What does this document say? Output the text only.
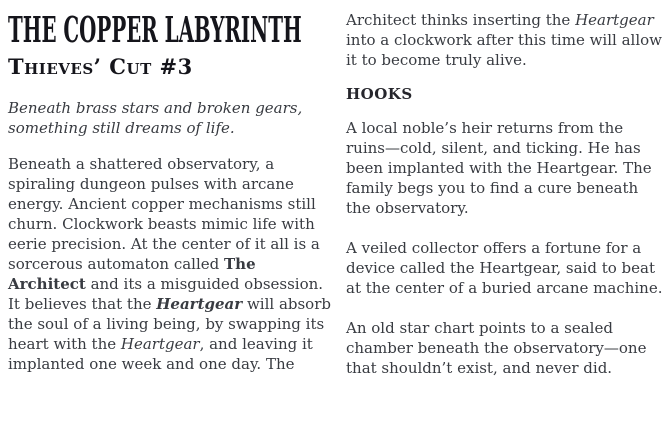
THE COPPER LABYRINTH
Thieves’ Cut #3

Beneath brass stars and broken gears, something still dreams of life.

Beneath a shattered observatory, a spiraling dungeon pulses with arcane energy. Ancient copper mechanisms still churn. Clockwork beasts mimic life with eerie precision. At the center of it all is a sorcerous automaton called The Architect and its a misguided obsession. It believes that the Heartgear will absorb the soul of a living being, by swapping its heart with the Heartgear, and leaving it implanted one week and one day. The

Architect thinks inserting the Heartgear into a clockwork after this time will allow it to become truly alive.

HOOKS

A local noble’s heir returns from the ruins—cold, silent, and ticking. He has been implanted with the Heartgear. The family begs you to find a cure beneath the observatory.

A veiled collector offers a fortune for a device called the Heartgear, said to beat at the center of a buried arcane machine.

An old star chart points to a sealed chamber beneath the observatory—one that shouldn’t exist, and never did.
